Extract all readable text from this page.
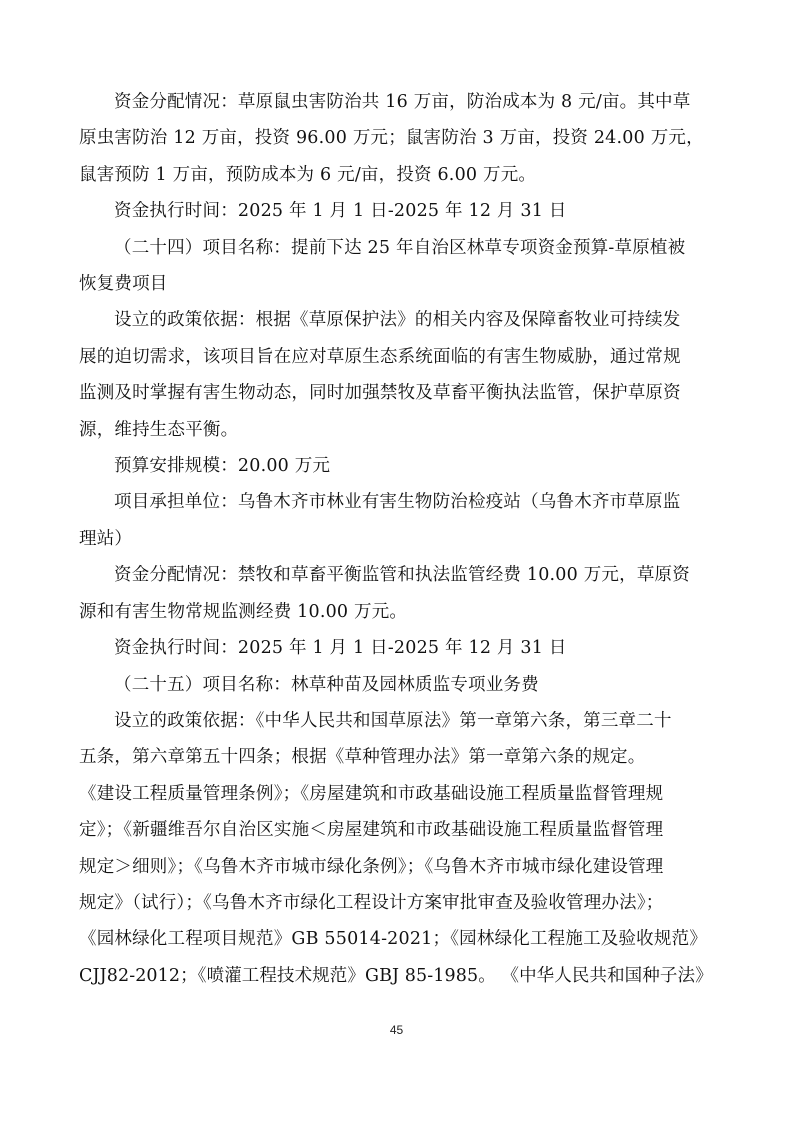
资金分配情况：草原鼠虫害防治共 16 万亩，防治成本为 8 元/亩。其中草
原虫害防治 12 万亩，投资 96.00 万元；鼠害防治 3 万亩，投资 24.00 万元，
鼠害预防 1 万亩，预防成本为 6 元/亩，投资 6.00 万元。
资金执行时间：2025 年 1 月 1 日-2025 年 12 月 31 日
（二十四）项目名称：提前下达 25 年自治区林草专项资金预算-草原植被
恢复费项目
设立的政策依据：根据《草原保护法》的相关内容及保障畜牧业可持续发
展的迫切需求，该项目旨在应对草原生态系统面临的有害生物威胁，通过常规
监测及时掌握有害生物动态，同时加强禁牧及草畜平衡执法监管，保护草原资
源，维持生态平衡。
预算安排规模：20.00 万元
项目承担单位：乌鲁木齐市林业有害生物防治检疫站（乌鲁木齐市草原监
理站）
资金分配情况：禁牧和草畜平衡监管和执法监管经费 10.00 万元，草原资
源和有害生物常规监测经费 10.00 万元。
资金执行时间：2025 年 1 月 1 日-2025 年 12 月 31 日
（二十五）项目名称：林草种苗及园林质监专项业务费
设立的政策依据：《中华人民共和国草原法》第一章第六条，第三章二十
五条，第六章第五十四条；根据《草种管理办法》第一章第六条的规定。
《建设工程质量管理条例》；《房屋建筑和市政基础设施工程质量监督管理规
定》；《新疆维吾尔自治区实施＜房屋建筑和市政基础设施工程质量监督管理
规定＞细则》；《乌鲁木齐市城市绿化条例》；《乌鲁木齐市城市绿化建设管理
规定》（试行）；《乌鲁木齐市绿化工程设计方案审批审查及验收管理办法》；
《园林绿化工程项目规范》GB 55014-2021；《园林绿化工程施工及验收规范》
CJJ82-2012；《喷灌工程技术规范》GBJ 85-1985。 《中华人民共和国种子法》
45
